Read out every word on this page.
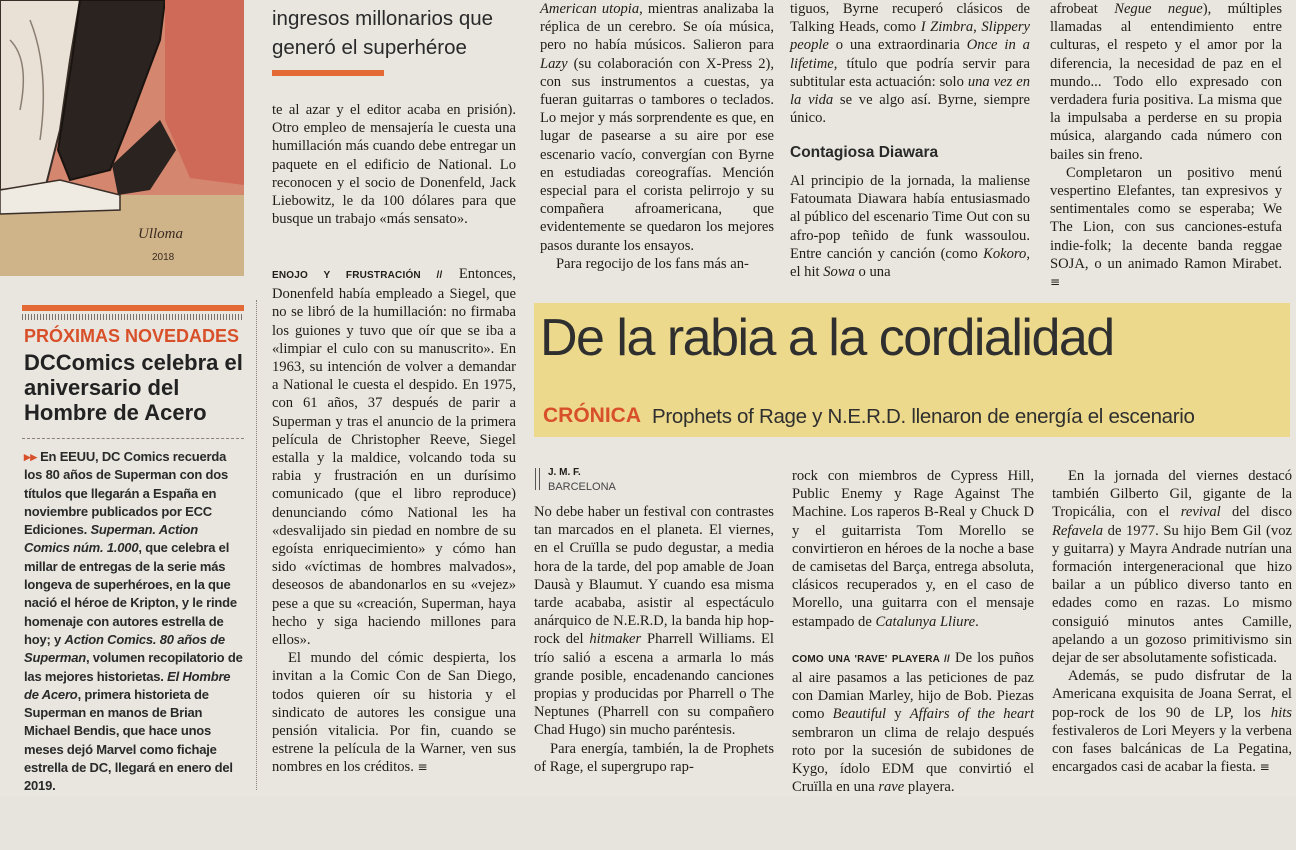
Ulloma
2018
PRÓXIMAS NOVEDADES
DCComics celebra el aniversario del Hombre de Acero
▸▸ En EEUU, DC Comics recuerda los 80 años de Superman con dos títulos que llegarán a España en noviembre publicados por ECC Ediciones. Superman. Action Comics núm. 1.000, que celebra el millar de entregas de la serie más longeva de superhéroes, en la que nació el héroe de Kripton, y le rinde homenaje con autores estrella de hoy; y Action Comics. 80 años de Superman, volumen recopilatorio de las mejores historietas. El Hombre de Acero, primera historieta de Superman en manos de Brian Michael Bendis, que hace unos meses dejó Marvel como fichaje estrella de DC, llegará en enero del 2019.
ingresos millonarios que generó el superhéroe

te al azar y el editor acaba en prisión). Otro empleo de mensajería le cuesta una humillación más cuando debe entregar un paquete en el edificio de National. Lo reconocen y el socio de Donenfeld, Jack Liebowitz, le da 100 dólares para que busque un trabajo «más sensato».

ENOJO Y FRUSTRACIÓN // Entonces, Donenfeld había empleado a Siegel, que no se libró de la humillación: no firmaba los guiones y tuvo que oír que se iba a «limpiar el culo con su manuscrito». En 1963, su intención de volver a demandar a National le cuesta el despido. En 1975, con 61 años, 37 después de parir a Superman y tras el anuncio de la primera película de Christopher Reeve, Siegel estalla y la maldice, volcando toda su rabia y frustración en un durísimo comunicado (que el libro reproduce) denunciando cómo National les ha «desvalijado sin piedad en nombre de su egoísta enriquecimiento» y cómo han sido «víctimas de hombres malvados», deseosos de abandonarlos en su «vejez» pese a que su «creación, Superman, haya hecho y siga haciendo millones para ellos».

El mundo del cómic despierta, los invitan a la Comic Con de San Diego, todos quieren oír su historia y el sindicato de autores les consigue una pensión vitalicia. Por fin, cuando se estrene la película de la Warner, ven sus nombres en los créditos. ≡

American utopia, mientras analizaba la réplica de un cerebro. Se oía música, pero no había músicos. Salieron para Lazy (su colaboración con X-Press 2), con sus instrumentos a cuestas, ya fueran guitarras o tambores o teclados. Lo mejor y más sorprendente es que, en lugar de pasearse a su aire por ese escenario vacío, convergían con Byrne en estudiadas coreografías. Mención especial para el corista pelirrojo y su compañera afroamericana, que evidentemente se quedaron los mejores pasos durante los ensayos.

Para regocijo de los fans más an-

tiguos, Byrne recuperó clásicos de Talking Heads, como I Zimbra, Slippery people o una extraordinaria Once in a lifetime, título que podría servir para subtitular esta actuación: solo una vez en la vida se ve algo así. Byrne, siempre único.

Contagiosa Diawara

Al principio de la jornada, la maliense Fatoumata Diawara había entusiasmado al público del escenario Time Out con su afro-pop teñido de funk wassoulou. Entre canción y canción (como Kokoro, el hit Sowa o una

afrobeat Negue negue), múltiples llamadas al entendimiento entre culturas, el respeto y el amor por la diferencia, la necesidad de paz en el mundo... Todo ello expresado con verdadera furia positiva. La misma que la impulsaba a perderse en su propia música, alargando cada número con bailes sin freno.

Completaron un positivo menú vespertino Elefantes, tan expresivos y sentimentales como se esperaba; We The Lion, con sus canciones-estufa indie-folk; la decente banda reggae SOJA, o un animado Ramon Mirabet. ≡

De la rabia a la cordialidad
CRÓNICA Prophets of Rage y N.E.R.D. llenaron de energía el escenario
J. M. F.
BARCELONA

No debe haber un festival con contrastes tan marcados en el planeta. El viernes, en el Cruïlla se pudo degustar, a media hora de la tarde, del pop amable de Joan Dausà y Blaumut. Y cuando esa misma tarde acababa, asistir al espectáculo anárquico de N.E.R.D, la banda hip hop-rock del hitmaker Pharrell Williams. El trío salió a escena a armarla lo más grande posible, encadenando canciones propias y producidas por Pharrell o The Neptunes (Pharrell con su compañero Chad Hugo) sin mucho paréntesis.

Para energía, también, la de Prophets of Rage, el supergrupo rap-

rock con miembros de Cypress Hill, Public Enemy y Rage Against The Machine. Los raperos B-Real y Chuck D y el guitarrista Tom Morello se convirtieron en héroes de la noche a base de camisetas del Barça, entrega absoluta, clásicos recuperados y, en el caso de Morello, una guitarra con el mensaje estampado de Catalunya Lliure.

COMO UNA 'RAVE' PLAYERA // De los puños al aire pasamos a las peticiones de paz con Damian Marley, hijo de Bob. Piezas como Beautiful y Affairs of the heart sembraron un clima de relajo después roto por la sucesión de subidones de Kygo, ídolo EDM que convirtió el Cruïlla en una rave playera.

En la jornada del viernes destacó también Gilberto Gil, gigante de la Tropicália, con el revival del disco Refavela de 1977. Su hijo Bem Gil (voz y guitarra) y Mayra Andrade nutrían una formación intergeneracional que hizo bailar a un público diverso tanto en edades como en razas. Lo mismo consiguió minutos antes Camille, apelando a un gozoso primitivismo sin dejar de ser absolutamente sofisticada.

Además, se pudo disfrutar de la Americana exquisita de Joana Serrat, el pop-rock de los 90 de LP, los hits festivaleros de Lori Meyers y la verbena con fases balcánicas de La Pegatina, encargados casi de acabar la fiesta. ≡
